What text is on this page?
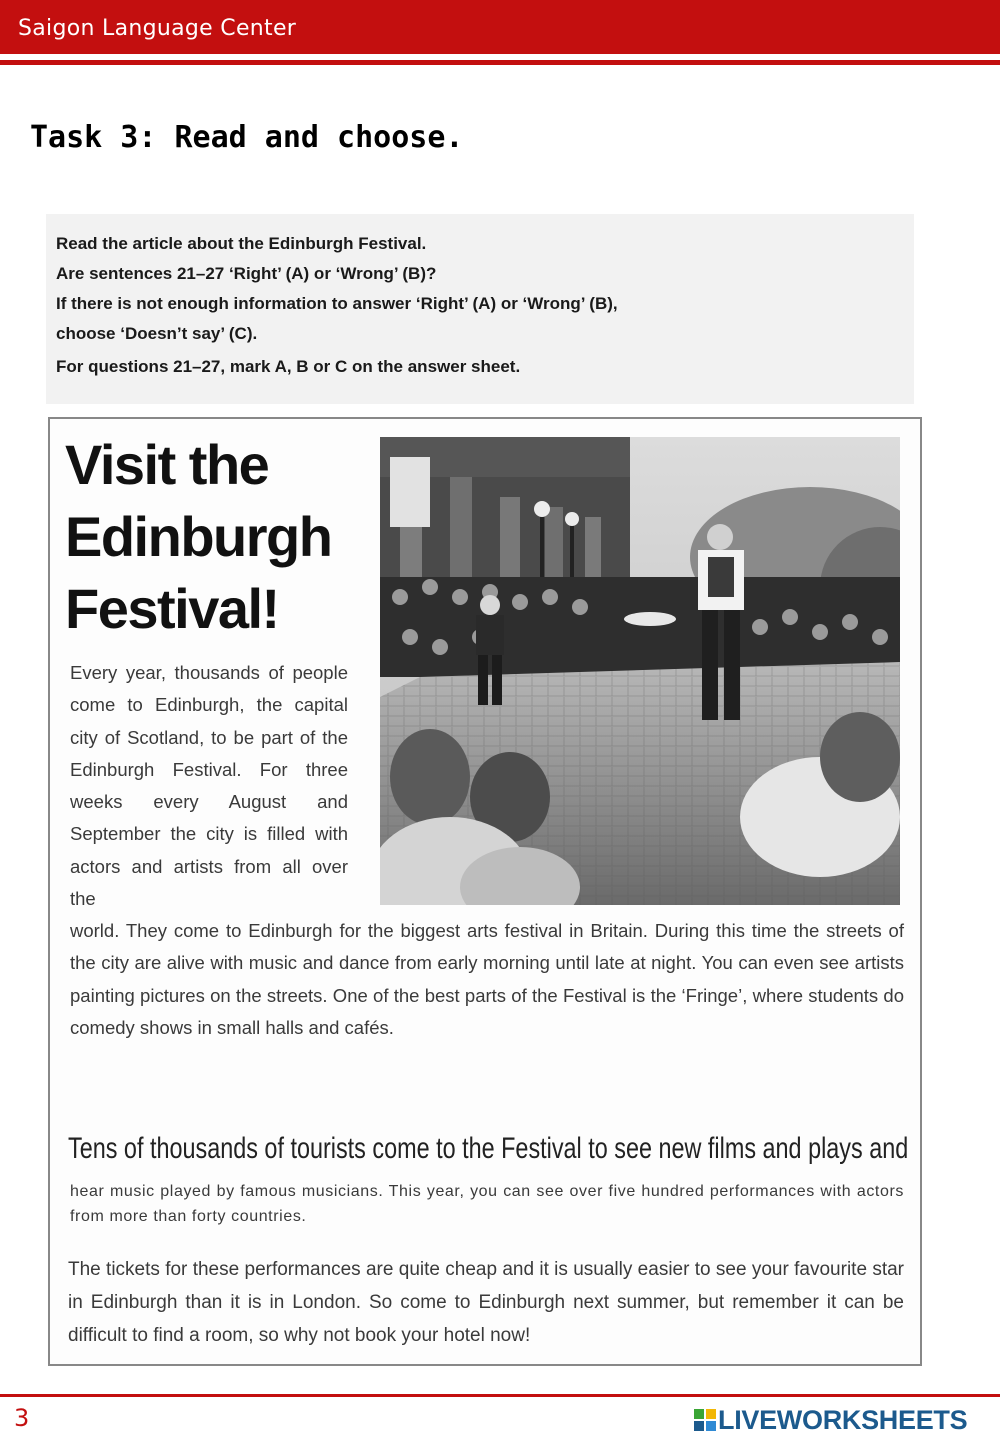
Saigon Language Center
Task 3: Read and choose.

Read the article about the Edinburgh Festival.

Are sentences 21–27 ‘Right’ (A) or ‘Wrong’ (B)?

If there is not enough information to answer ‘Right’ (A) or ‘Wrong’ (B),

choose ‘Doesn’t say’ (C).

For questions 21–27, mark A, B or C on the answer sheet.

Visit the Edinburgh Festival!
Every year, thousands of people come to Edinburgh, the capital city of Scotland, to be part of the Edinburgh Festival. For three weeks every August and September the city is filled with actors and artists from all over the
world. They come to Edinburgh for the biggest arts festival in Britain. During this time the streets of the city are alive with music and dance from early morning until late at night. You can even see artists painting pictures on the streets. One of the best parts of the Festival is the ‘Fringe’, where students do comedy shows in small halls and cafés.
Tens of thousands of tourists come to the Festival to see new films and plays and
hear music played by famous musicians. This year, you can see over five hundred performances with actors from more than forty countries.
The tickets for these performances are quite cheap and it is usually easier to see your favourite star in Edinburgh than it is in London. So come to Edinburgh next summer, but remember it can be difficult to find a room, so why not book your hotel now!
3	LIVEWORKSHEETS
